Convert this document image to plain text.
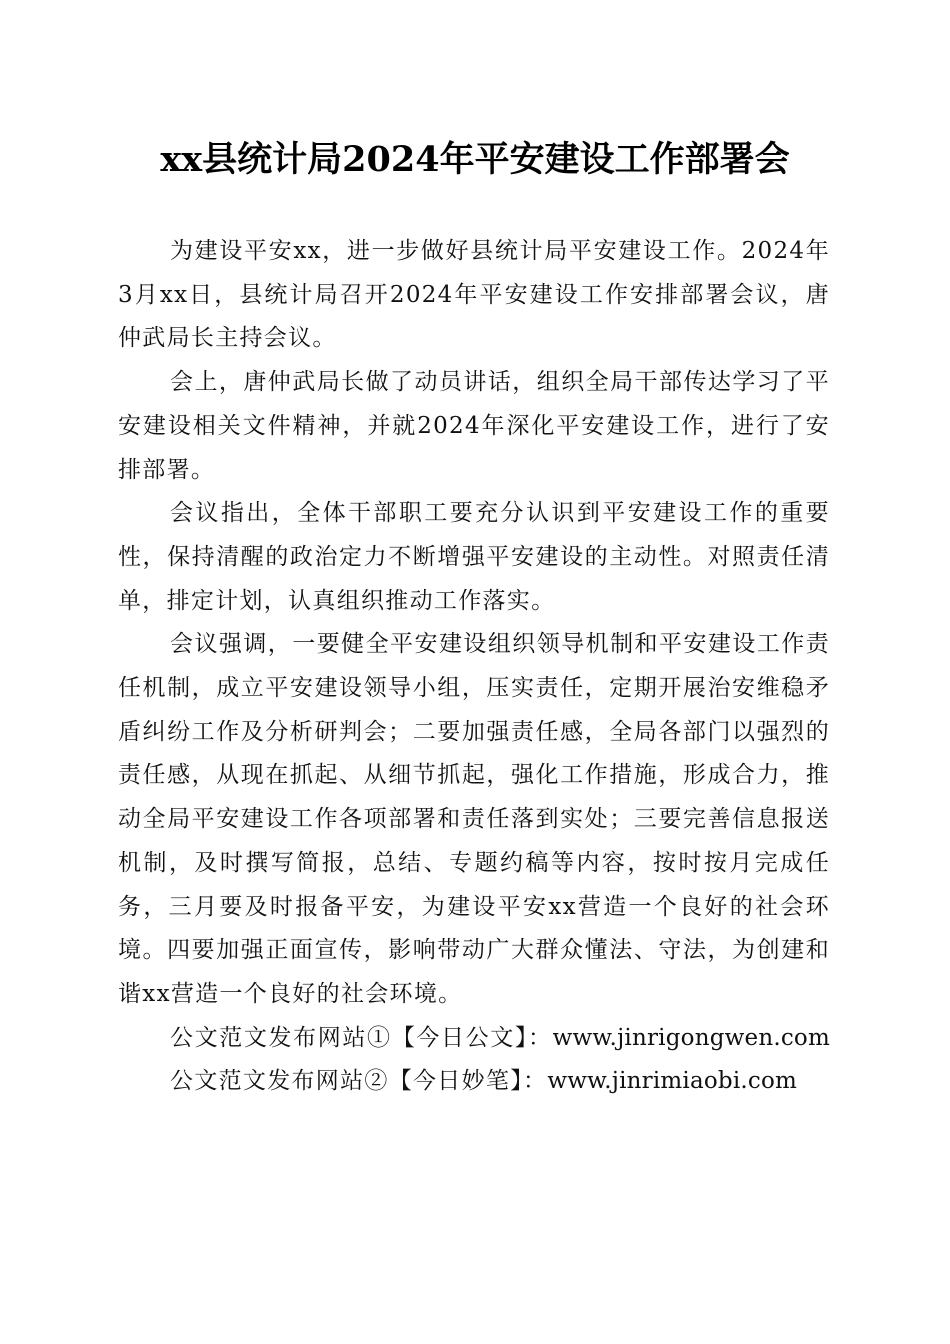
xx县统计局2024年平安建设工作部署会

为建设平安xx，进一步做好县统计局平安建设工作。2024年3月xx日，县统计局召开2024年平安建设工作安排部署会议，唐仲武局长主持会议。

会上，唐仲武局长做了动员讲话，组织全局干部传达学习了平安建设相关文件精神，并就2024年深化平安建设工作，进行了安排部署。

会议指出，全体干部职工要充分认识到平安建设工作的重要性，保持清醒的政治定力不断增强平安建设的主动性。对照责任清单，排定计划，认真组织推动工作落实。

会议强调，一要健全平安建设组织领导机制和平安建设工作责任机制，成立平安建设领导小组，压实责任，定期开展治安维稳矛盾纠纷工作及分析研判会；二要加强责任感，全局各部门以强烈的责任感，从现在抓起、从细节抓起，强化工作措施，形成合力，推动全局平安建设工作各项部署和责任落到实处；三要完善信息报送机制，及时撰写简报，总结、专题约稿等内容，按时按月完成任务，三月要及时报备平安，为建设平安xx营造一个良好的社会环境。四要加强正面宣传，影响带动广大群众懂法、守法，为创建和谐xx营造一个良好的社会环境。

公文范文发布网站①【今日公文】：www.jinrigongwen.com

公文范文发布网站②【今日妙笔】：www.jinrimiaobi.com
